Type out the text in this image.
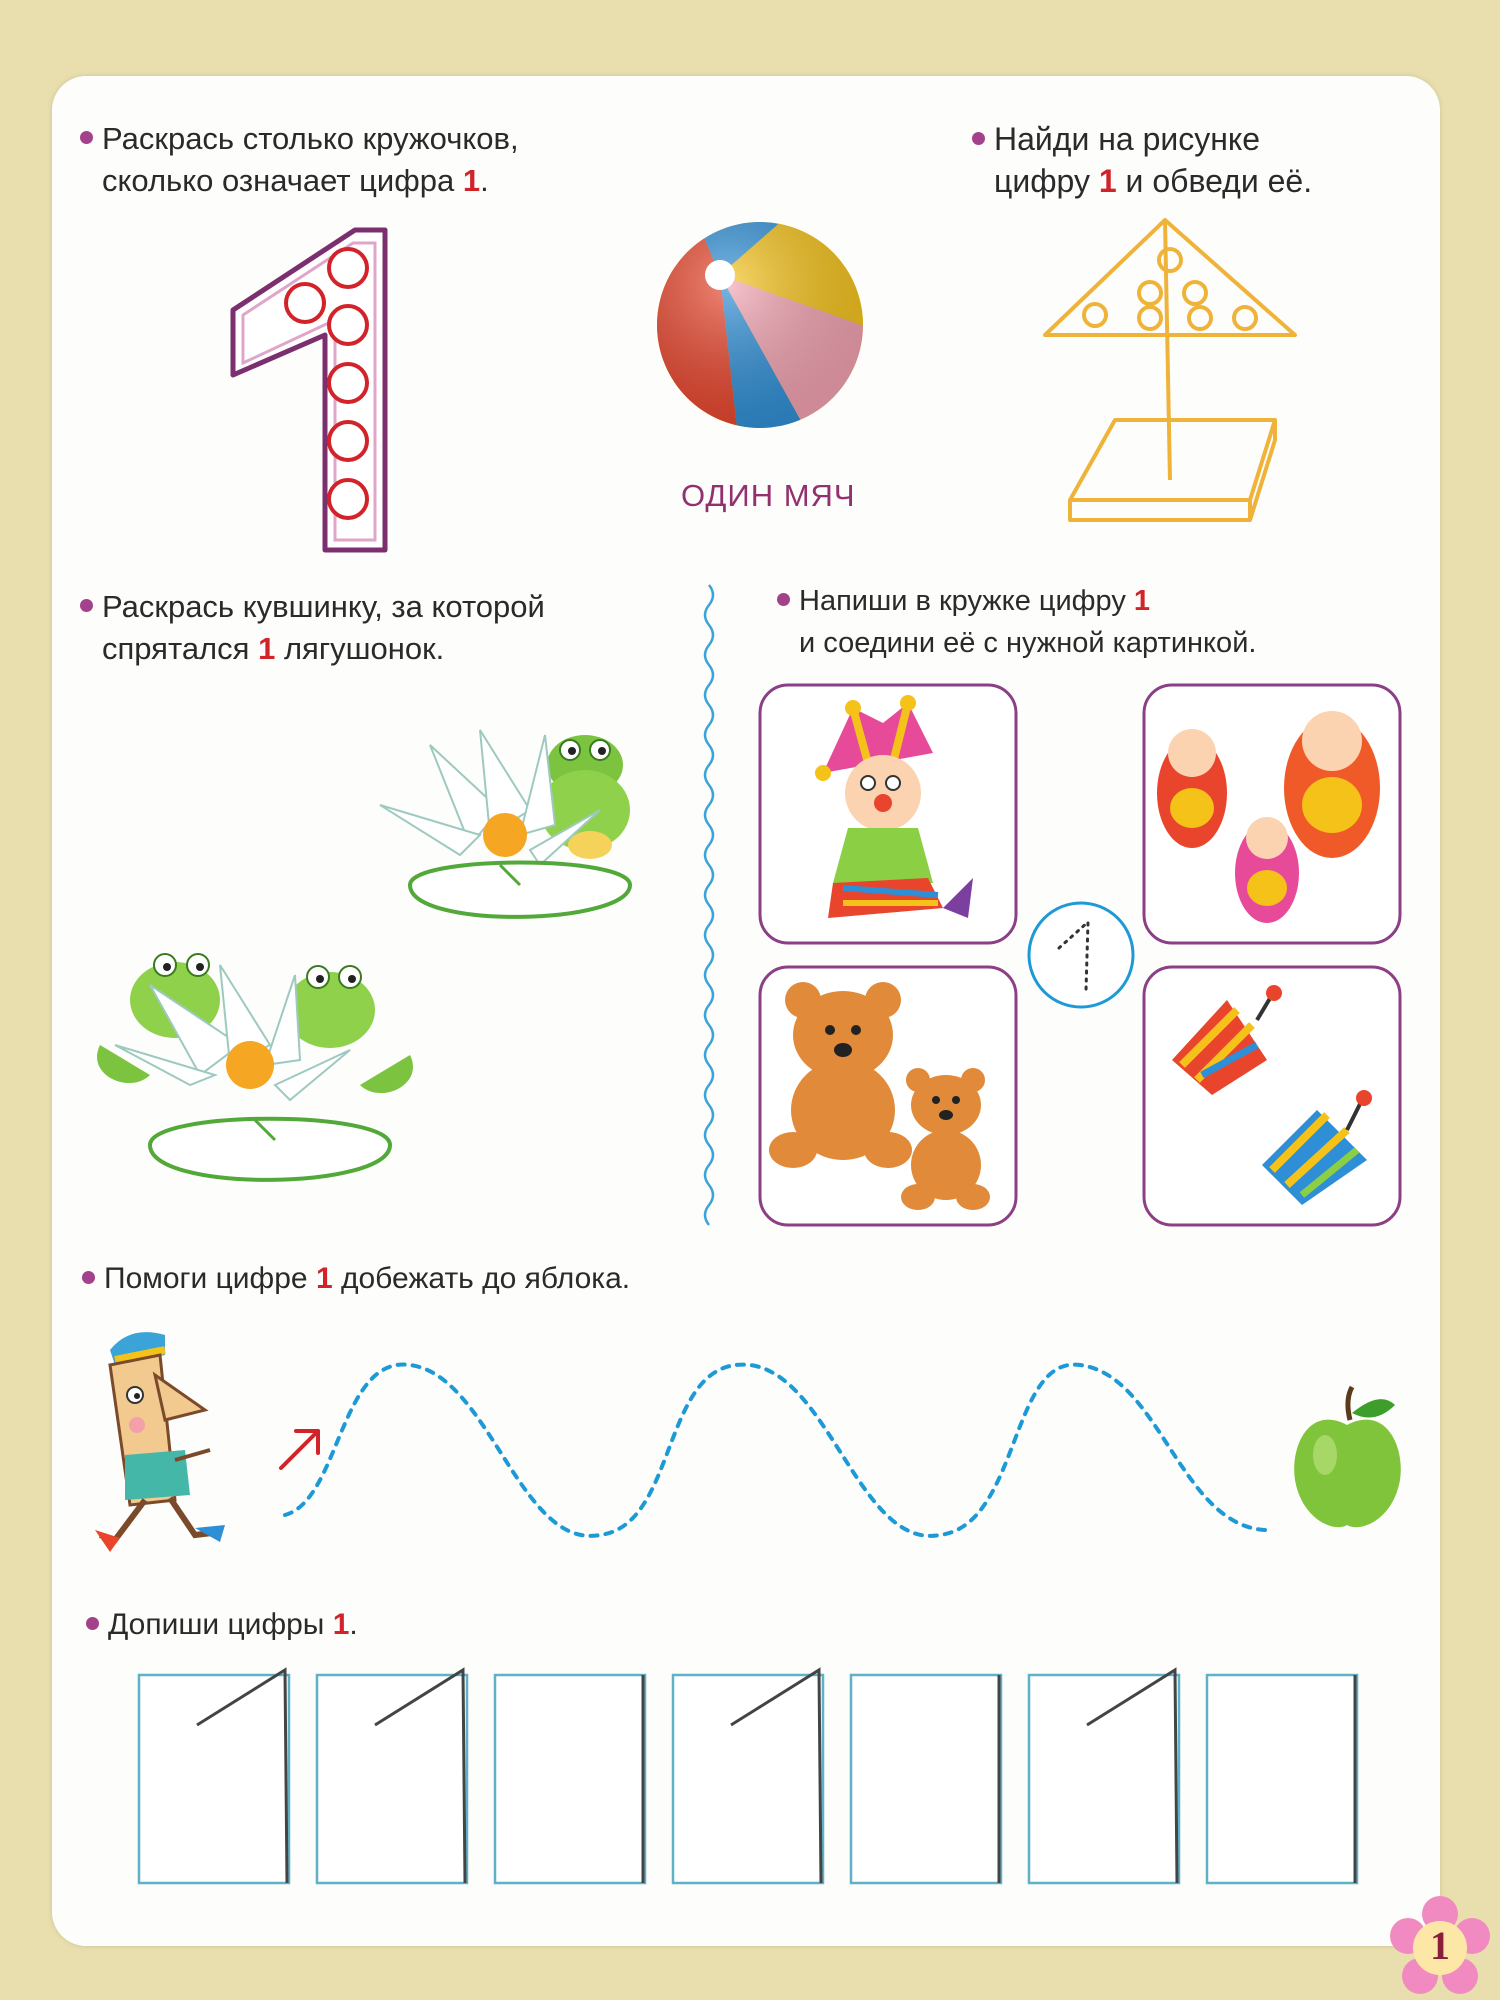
Раскрась столько кружочков,
сколько означает цифра 1.
ОДИН МЯЧ
Найди на рисунке
цифру 1 и обведи её.
Раскрась кувшинку, за которой
спрятался 1 лягушонок.
Напиши в кружке цифру 1
и соедини её с нужной картинкой.
Помоги цифре 1 добежать до яблока.
Допиши цифры 1.
1
